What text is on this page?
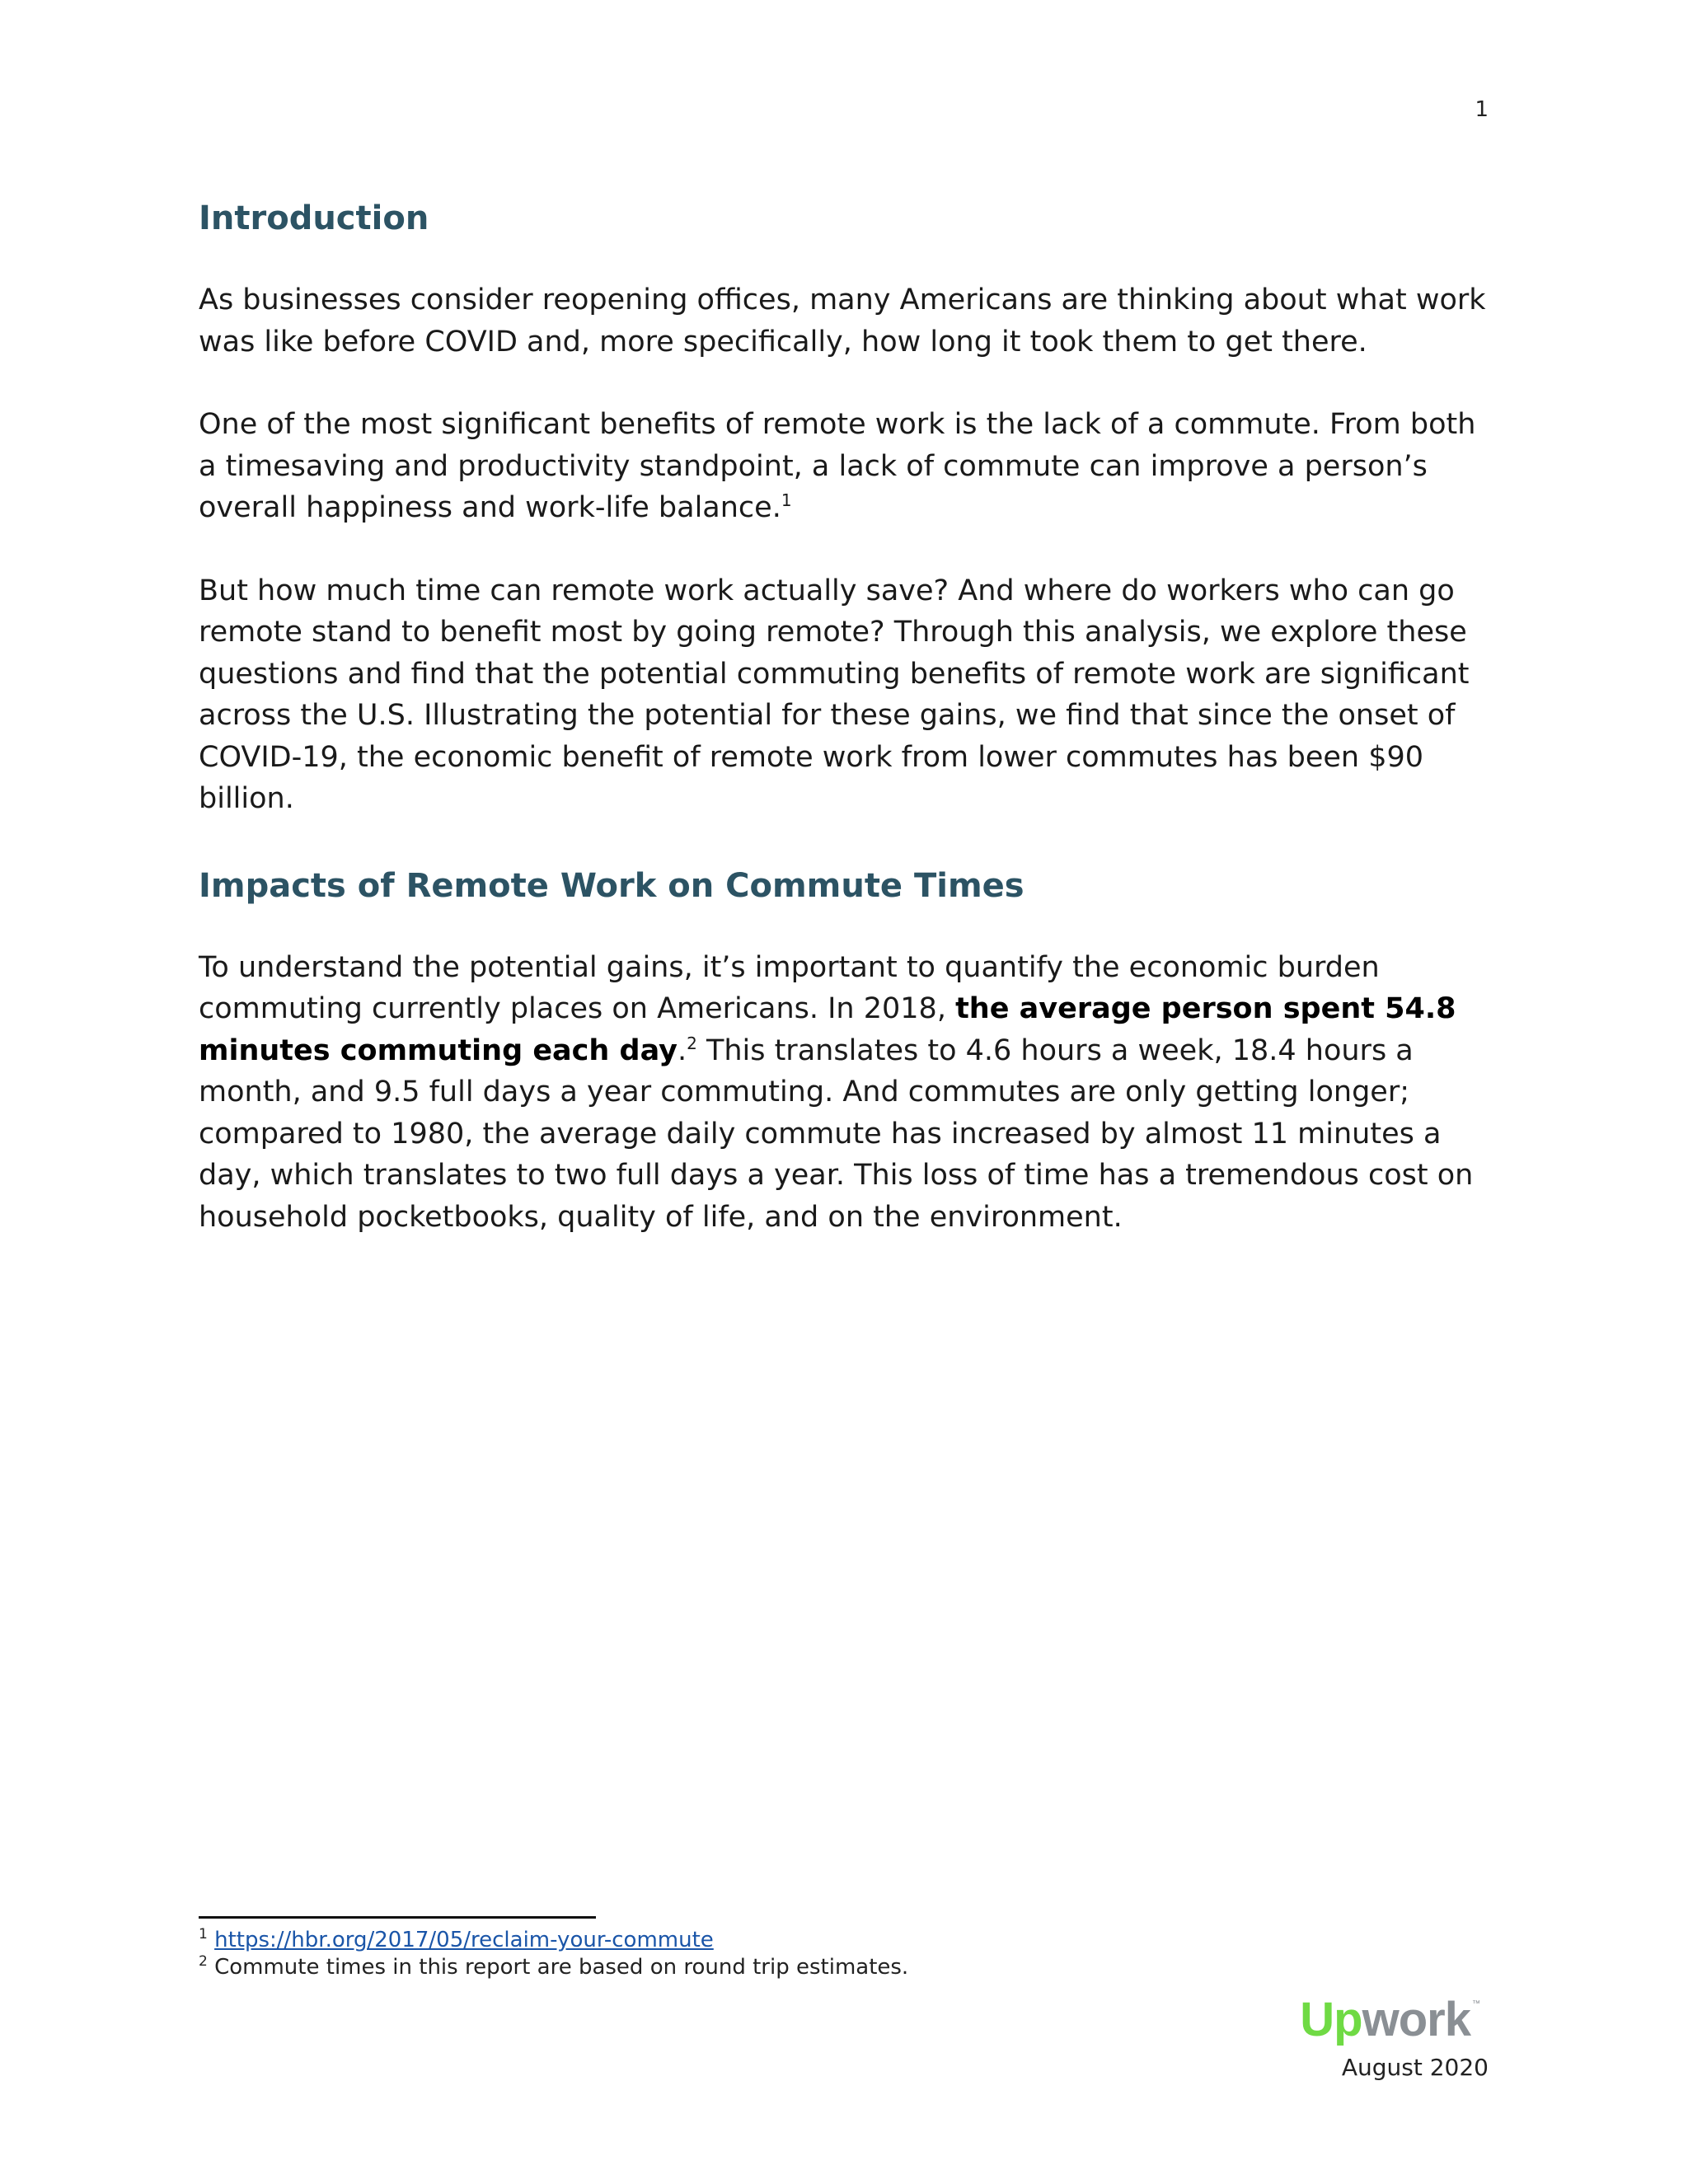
1
Introduction

As businesses consider reopening offices, many Americans are thinking about what work was like before COVID and, more specifically, how long it took them to get there.

One of the most significant benefits of remote work is the lack of a commute. From both a timesaving and productivity standpoint, a lack of commute can improve a person’s overall happiness and work-life balance.$^1$

But how much time can remote work actually save? And where do workers who can go remote stand to benefit most by going remote? Through this analysis, we explore these questions and find that the potential commuting benefits of remote work are significant across the U.S. Illustrating the potential for these gains, we find that since the onset of COVID-19, the economic benefit of remote work from lower commutes has been $90 billion.

Impacts of Remote Work on Commute Times

To understand the potential gains, it’s important to quantify the economic burden commuting currently places on Americans. In 2018, the average person spent 54.8 minutes commuting each day.$^2$ This translates to 4.6 hours a week, 18.4 hours a month, and 9.5 full days a year commuting. And commutes are only getting longer; compared to 1980, the average daily commute has increased by almost 11 minutes a day, which translates to two full days a year. This loss of time has a tremendous cost on household pocketbooks, quality of life, and on the environment.

$^1$ https://hbr.org/2017/05/reclaim-your-commute
$^2$ Commute times in this report are based on round trip estimates.
Upwork ™
August 2020
